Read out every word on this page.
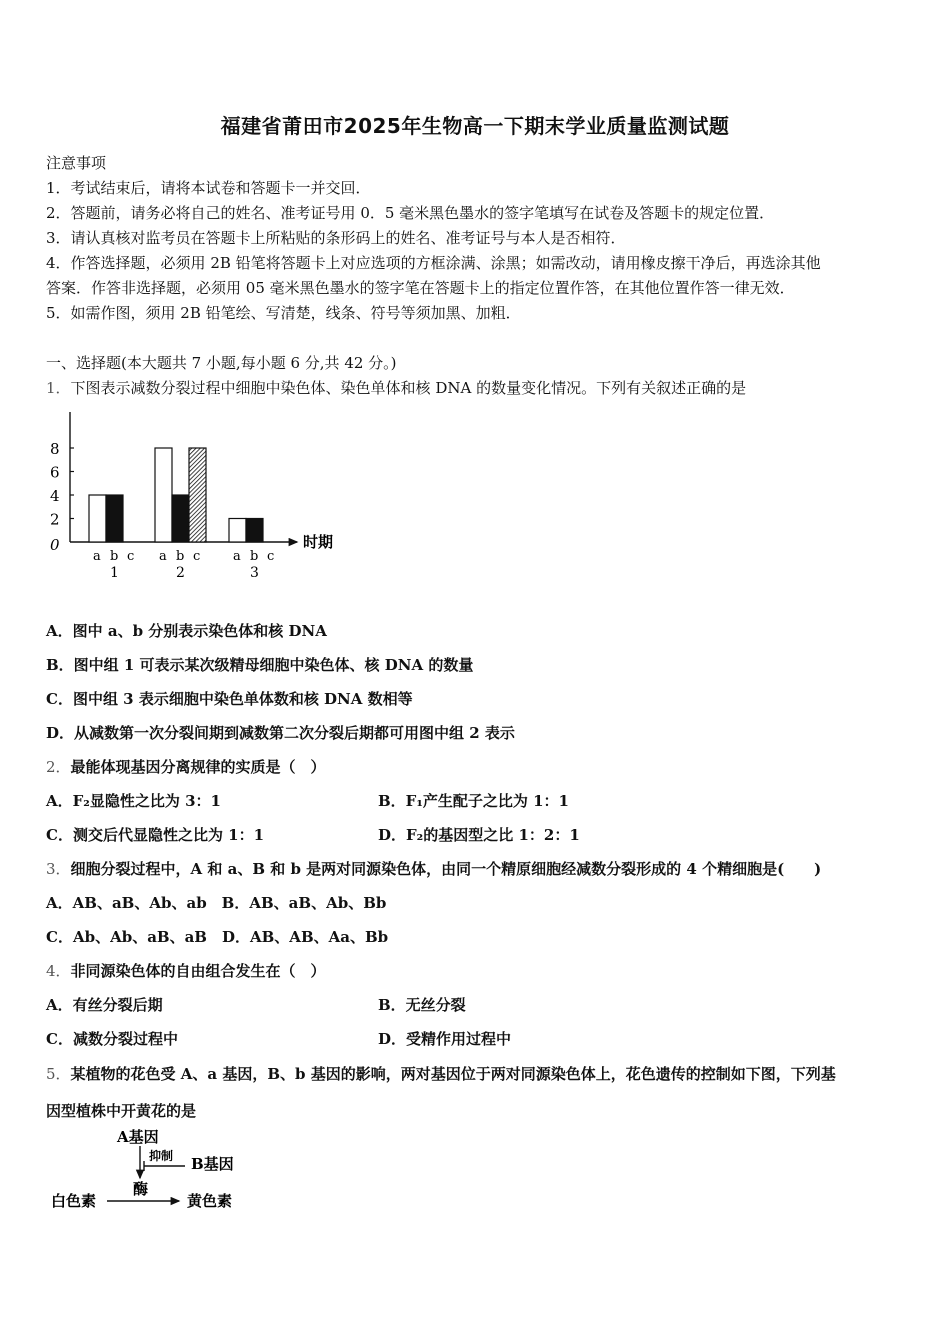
福建省莆田市2025年生物高一下期末学业质量监测试题
注意事项
1．考试结束后，请将本试卷和答题卡一并交回．
2．答题前，请务必将自己的姓名、准考证号用 0．5 毫米黑色墨水的签字笔填写在试卷及答题卡的规定位置．
3．请认真核对监考员在答题卡上所粘贴的条形码上的姓名、准考证号与本人是否相符．
4．作答选择题，必须用 2B 铅笔将答题卡上对应选项的方框涂满、涂黑；如需改动，请用橡皮擦干净后，再选涂其他
答案．作答非选择题，必须用 05 毫米黑色墨水的签字笔在答题卡上的指定位置作答，在其他位置作答一律无效．
5．如需作图，须用 2B 铅笔绘、写清楚，线条、符号等须加黑、加粗．
一、选择题(本大题共 7 小题,每小题 6 分,共 42 分。)
1．下图表示减数分裂过程中细胞中染色体、染色单体和核 DNA 的数量变化情况。下列有关叙述正确的是
2
4
6
8
0	时期
a b c
1
a b c
2
a b c
3
A．图中 a、b 分别表示染色体和核 DNA
B．图中组 1 可表示某次级精母细胞中染色体、核 DNA 的数量
C．图中组 3 表示细胞中染色单体数和核 DNA 数相等
D．从减数第一次分裂间期到减数第二次分裂后期都可用图中组 2 表示
2．最能体现基因分离规律的实质是（　）
A．F₂显隐性之比为 3：1	B．F₁产生配子之比为 1：1
C．测交后代显隐性之比为 1：1	D．F₂的基因型之比 1：2：1
3．细胞分裂过程中，A 和 a、B 和 b 是两对同源染色体，由同一个精原细胞经减数分裂形成的 4 个精细胞是(　　)
A．AB、aB、Ab、ab　B．AB、aB、Ab、Bb
C．Ab、Ab、aB、aB　D．AB、AB、Aa、Bb
4．非同源染色体的自由组合发生在（　）
A．有丝分裂后期	B．无丝分裂
C．减数分裂过程中	D．受精作用过程中
5．某植物的花色受 A、a 基因，B、b 基因的影响，两对基因位于两对同源染色体上，花色遗传的控制如下图，下列基
因型植株中开黄花的是
A基因
抑制 B基因
酶
白色素	黄色素
